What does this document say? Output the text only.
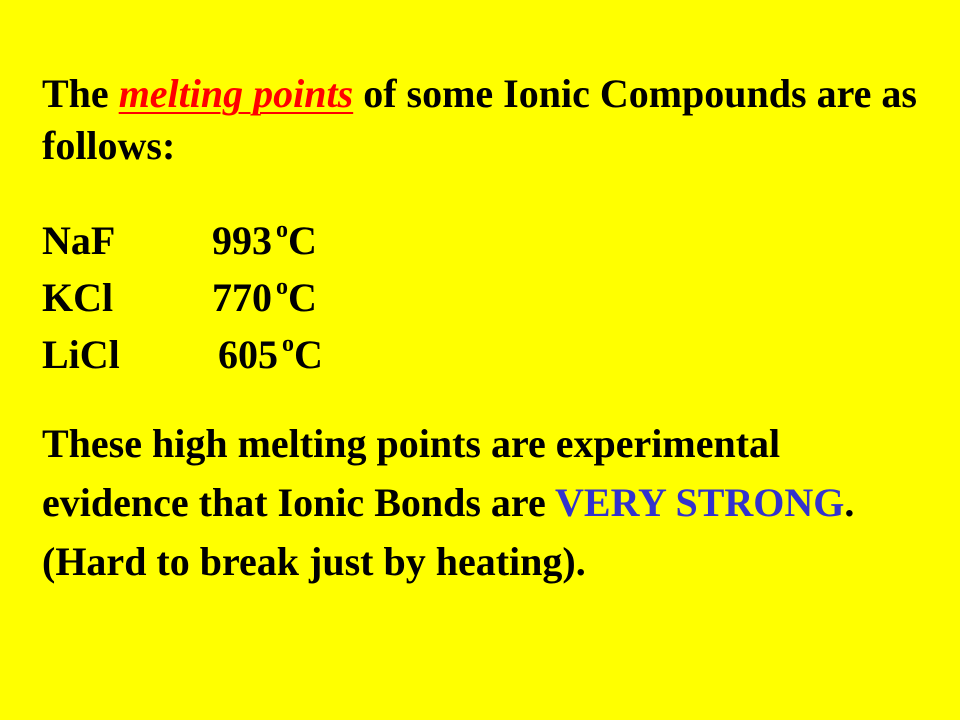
The melting points of some Ionic Compounds are as follows:
NaF 993 $^o$C
KCl 770 $^o$C
LiCl 605 $^o$C
These high melting points are experimental evidence that Ionic Bonds are VERY STRONG. (Hard to break just by heating).
